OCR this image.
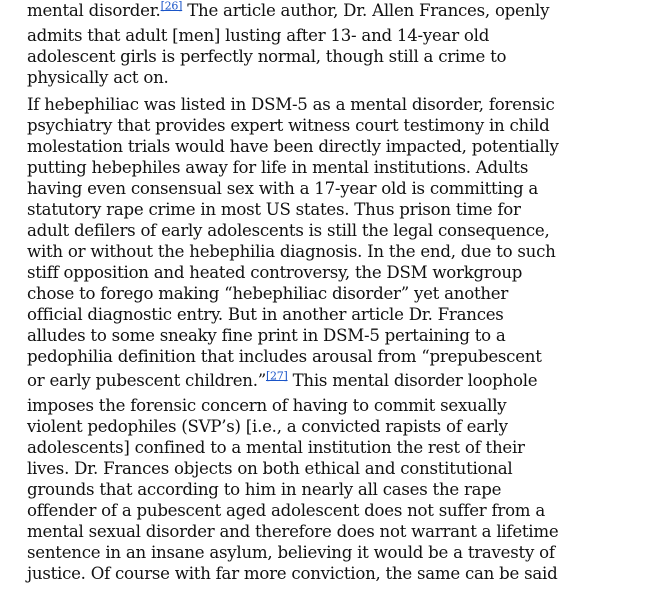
mental disorder.[26] The article author, Dr. Allen Frances, openly
admits that adult [men] lusting after 13- and 14-year old
adolescent girls is perfectly normal, though still a crime to
physically act on.

If hebephiliac was listed in DSM-5 as a mental disorder, forensic
psychiatry that provides expert witness court testimony in child
molestation trials would have been directly impacted, potentially
putting hebephiles away for life in mental institutions. Adults
having even consensual sex with a 17-year old is committing a
statutory rape crime in most US states. Thus prison time for
adult defilers of early adolescents is still the legal consequence,
with or without the hebephilia diagnosis. In the end, due to such
stiff opposition and heated controversy, the DSM workgroup
chose to forego making “hebephiliac disorder” yet another
official diagnostic entry. But in another article Dr. Frances
alludes to some sneaky fine print in DSM-5 pertaining to a
pedophilia definition that includes arousal from “prepubescent
or early pubescent children.”[27] This mental disorder loophole
imposes the forensic concern of having to commit sexually
violent pedophiles (SVP’s) [i.e., a convicted rapists of early
adolescents] confined to a mental institution the rest of their
lives. Dr. Frances objects on both ethical and constitutional
grounds that according to him in nearly all cases the rape
offender of a pubescent aged adolescent does not suffer from a
mental sexual disorder and therefore does not warrant a lifetime
sentence in an insane asylum, believing it would be a travesty of
justice. Of course with far more conviction, the same can be said
